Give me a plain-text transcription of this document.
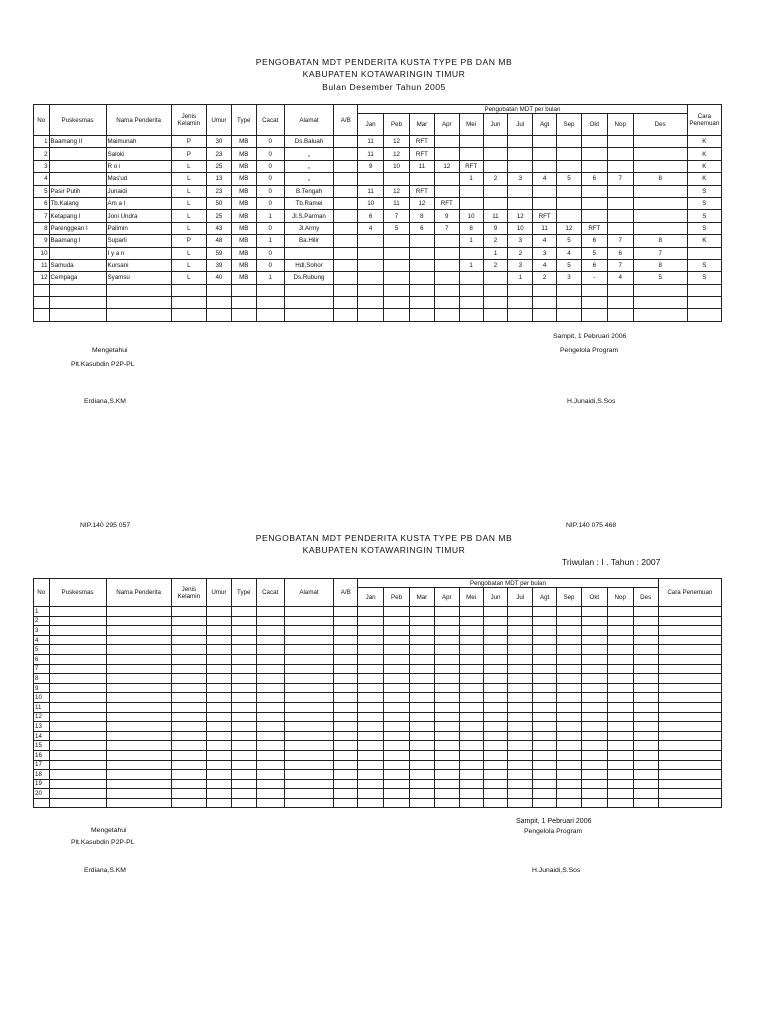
PENGOBATAN MDT PENDERITA KUSTA TYPE PB DAN MB
KABUPATEN KOTAWARINGIN TIMUR
Bulan Desember Tahun 2005
No	Puskesmas	Nama Penderita	Jenis Kelamin	Umur	Type	Cacat	Alamat	A/B	Pengobatan MDT per bulan												Cara Penemuan
									Jan	Peb	Mar	Apr	Mei	Jun	Jul	Agt	Sep	Okt	Nop	Des	
1	Baamang II	Maimunah	P	30	MB	0	Ds.Baluah		11	12	RFT										K
2		Saloki	P	23	MB	0	„		11	12	RFT										K
3		R o i	L	25	MB	0	„		9	10	11	12	RFT								K
4		Mas'ud	L	13	MB	0	„						1	2	3	4	5	6	7	8	K
5	Pasir Putih	Junaidi	L	23	MB	0	B.Tengah		11	12	RFT										S
6	Tb.Kalang	Am a l	L	50	MB	0	Tb.Ramei		10	11	12	RFT									S
7	Ketapang I	Joni Undra	L	25	MB	1	Jl.S.Parman		6	7	8	9	10	11	12	RFT					S
8	Parenggean I	Palimin	L	43	MB	0	Jl.Army		4	5	6	7	8	9	10	11	12	RFT			S
9	Baamang I	Suparli	P	48	MB	1	Ba.Hilir						1	2	3	4	5	6	7	8	K
10		I y a n	L	59	MB	0								1	2	3	4	5	6	7	
11	Samuda	Kursani	L	39	MB	0	Hdl.Sohor						1	2	3	4	5	6	7	8	S
12	Cempaga	Syamsu	L	40	MB	1	Ds.Rubung								1	2	3	-	4	5	S

Sampit, 1 Pebruari 2006
Mengetahui	Pengelola Program
Plt.Kasubdin P2P-PL
Erdiana,S.KM	H.Junaidi,S.Sos
NIP.140 295 057	NIP.140 075 468
PENGOBATAN MDT PENDERITA KUSTA TYPE PB DAN MB
KABUPATEN KOTAWARINGIN TIMUR
Triwulan : I . Tahun : 2007
No	Puskesmas	Nama Penderita	Jenis Kelamin	Umur	Type	Cacat	Alamat	A/B	Pengobatan MDT per bulan												Cara Penemuan
									Jan	Peb	Mar	Apr	Mei	Jun	Jul	Agt	Sep	Okt	Nop	Des	
1																					
2																					
3																					
4																					
5																					
6																					
7																					
8																					
9																					
10																					
11																					
12																					
13																					
14																					
15																					
16																					
17																					
18																					
19																					
20																					

Sampit, 1 Pebruari 2006
Mengetahui	Pengelola Program
Plt.Kasubdin P2P-PL
Erdiana,S.KM	H.Junaidi,S.Sos
